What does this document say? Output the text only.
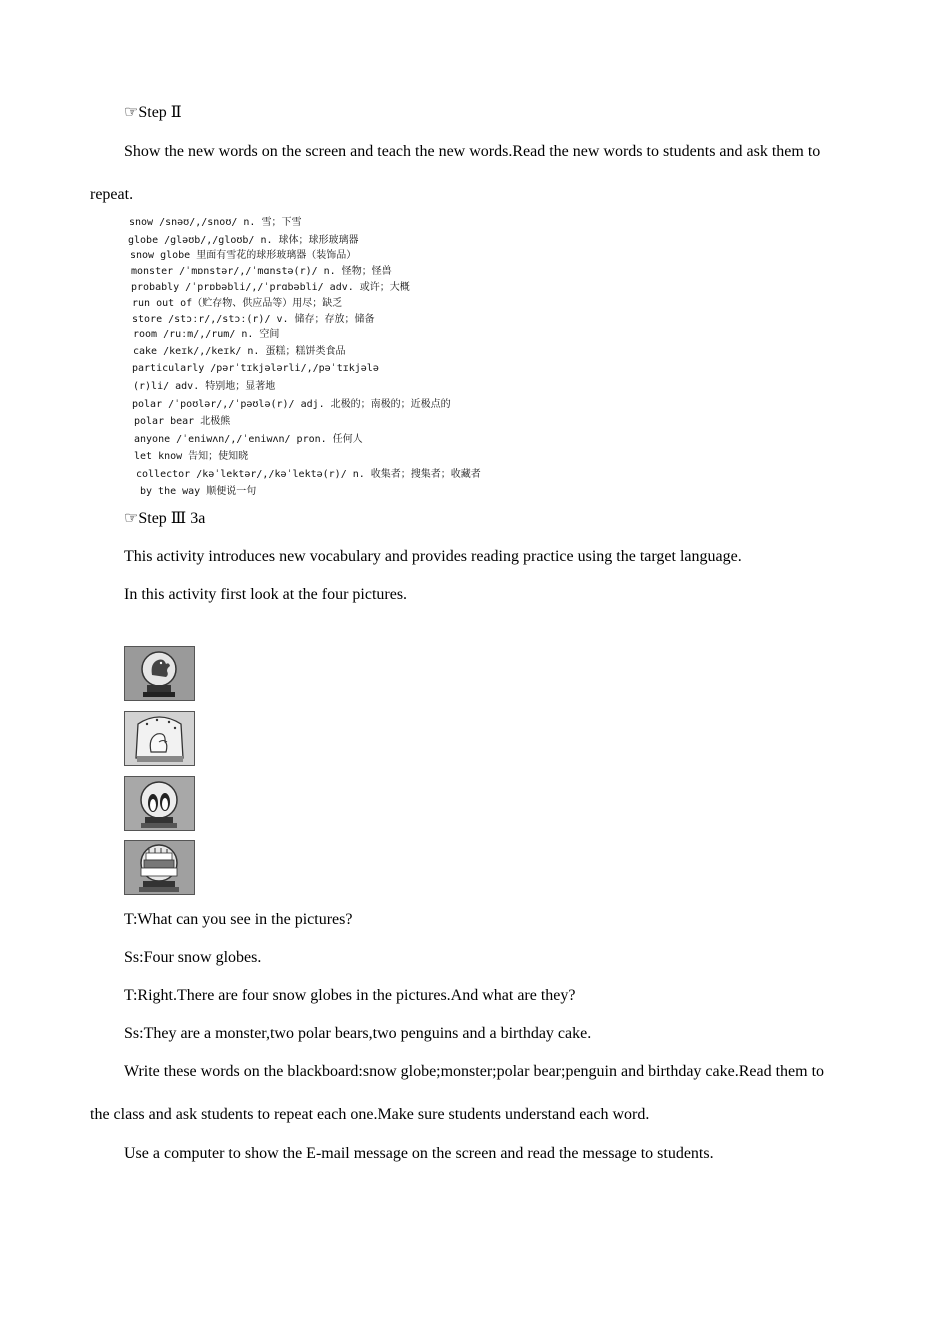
☞Step Ⅱ
Show the new words on the screen and teach the new words.Read the new words to students and ask them to
repeat.
snow /snəʊ/,/snoʊ/ n. 雪；下雪
globe /gləʊb/,/gloʊb/ n. 球体；球形玻璃器
snow globe 里面有雪花的球形玻璃器（装饰品）
monster /ˈmɒnstər/,/ˈmɑnstə(r)/ n. 怪物；怪兽
probably /ˈprɒbəbli/,/ˈprɑbəbli/ adv. 或许；大概
run out of（贮存物、供应品等）用尽；缺乏
store /stɔːr/,/stɔː(r)/ v. 储存；存放；储备
room /ruːm/,/rum/ n. 空间
cake /keɪk/,/keɪk/ n. 蛋糕；糕饼类食品
particularly /pərˈtɪkjələrli/,/pəˈtɪkjələ
(r)li/ adv. 特别地；显著地
polar /ˈpoʊlər/,/ˈpəʊlə(r)/ adj. 北极的；南极的；近极点的
polar bear 北极熊
anyone /ˈeniwʌn/,/ˈeniwʌn/ pron. 任何人
let know 告知；使知晓
collector /kəˈlektər/,/kəˈlektə(r)/ n. 收集者；搜集者；收藏者
by the way 顺便说一句
☞Step Ⅲ 3a
This activity introduces new vocabulary and provides reading practice using the target language.
In this activity first look at the four pictures.
T:What can you see in the pictures?
Ss:Four snow globes.
T:Right.There are four snow globes in the pictures.And what are they?
Ss:They are a monster,two polar bears,two penguins and a birthday cake.
Write these words on the blackboard:snow globe;monster;polar bear;penguin and birthday cake.Read them to
the class and ask students to repeat each one.Make sure students understand each word.
Use a computer to show the E-mail message on the screen and read the message to students.
